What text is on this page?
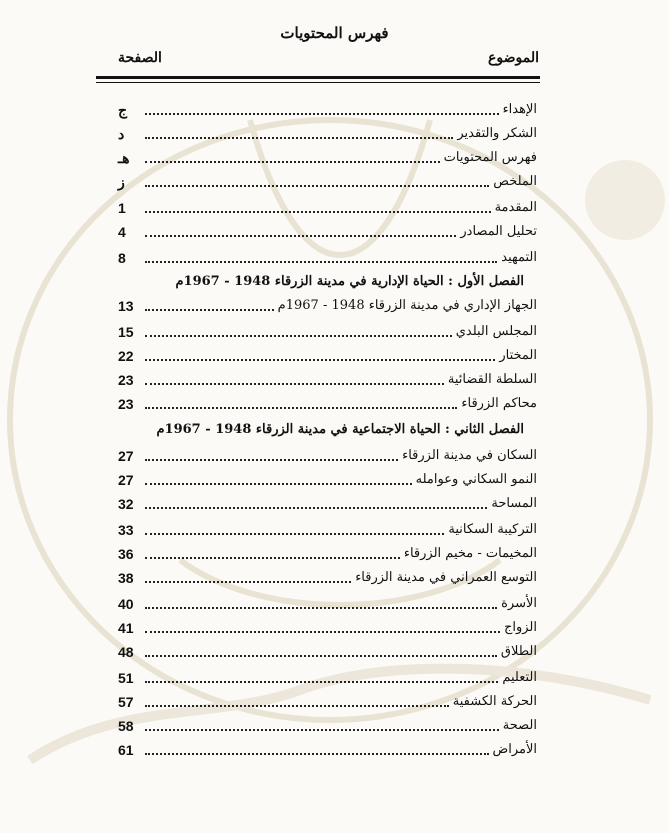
فهرس المحتويات
الموضوع
الصفحة
الإهداء
ج
الشكر والتقدير
د
فهرس المحتويات
هـ
الملخص
ز
المقدمة
1
تحليل المصادر
4
التمهيد
8
الفصل الأول : الحياة الإدارية في مدينة الزرقاء 1948 - 1967م
الجهاز الإداري في مدينة الزرقاء 1948 - 1967م
13
المجلس البلدي
15
المختار
22
السلطة القضائية
23
محاكم الزرقاء
23
الفصل الثاني : الحياة الاجتماعية في مدينة الزرقاء 1948 - 1967م
السكان في مدينة الزرقاء
27
النمو السكاني وعوامله
27
المساحة
32
التركيبة السكانية
33
المخيمات - مخيم الزرقاء
36
التوسع العمراني في مدينة الزرقاء
38
الأسرة
40
الزواج
41
الطلاق
48
التعليم
51
الحركة الكشفية
57
الصحة
58
الأمراض
61
